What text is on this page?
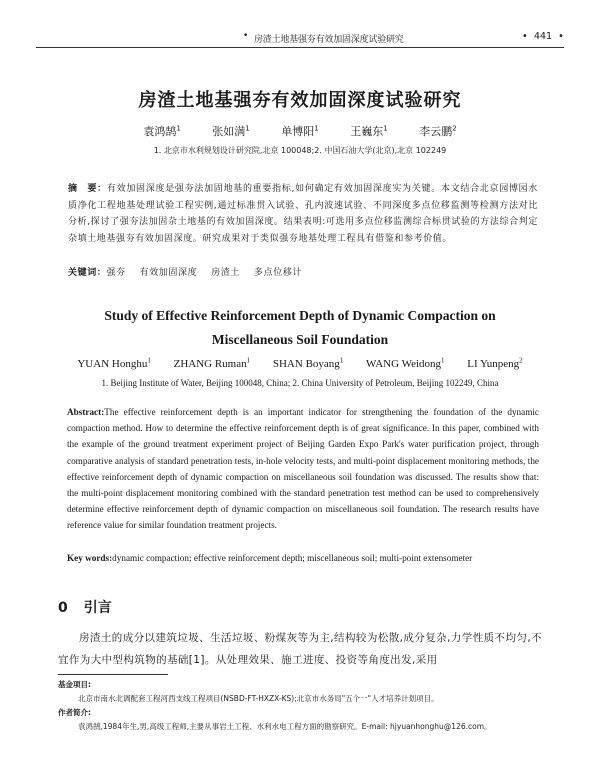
• 房渣土地基强夯有效加固深度试验研究	• 441 •
房渣土地基强夯有效加固深度试验研究
袁鸿鹄$^1$	张如满$^1$	单博阳$^1$	王巍东$^1$	李云鹏$^2$
1. 北京市水利规划设计研究院,北京 100048;2. 中国石油大学(北京),北京 102249

摘　要：有效加固深度是强夯法加固地基的重要指标,如何确定有效加固深度实为关键。本文结合北京园博园水质净化工程地基处理试验工程实例,通过标准贯入试验、孔内波速试验、不同深度多点位移监测等检测方法对比分析,探讨了强夯法加固杂土地基的有效加固深度。结果表明:可选用多点位移监测综合标贯试验的方法综合判定杂填土地基强夯有效加固深度。研究成果对于类似强夯地基处理工程具有借鉴和参考价值。

关键词：强夯 有效加固深度 房渣土 多点位移计
Study of Effective Reinforcement Depth of Dynamic Compaction on
Miscellaneous Soil Foundation
YUAN Honghu$^1$ ZHANG Ruman$^1$ SHAN Boyang$^1$ WANG Weidong$^1$ LI Yunpeng$^2$
1. Beijing Institute of Water, Beijing 100048, China; 2. China University of Petroleum, Beijing 102249, China

Abstract:The effective reinforcement depth is an important indicator for strengthening the foundation of the dynamic compaction method. How to determine the effective reinforcement depth is of great significance. In this paper, combined with the example of the ground treatment experiment project of Beijing Garden Expo Park's water purification project, through comparative analysis of standard penetration tests, in-hole velocity tests, and multi-point displacement monitoring methods, the effective reinforcement depth of dynamic compaction on miscellaneous soil foundation was discussed. The results show that: the multi-point displacement monitoring combined with the standard penetration test method can be used to comprehensively determine effective reinforcement depth of dynamic compaction on miscellaneous soil foundation. The research results have reference value for similar foundation treatment projects.

Key words:dynamic compaction; effective reinforcement depth; miscellaneous soil; multi-point extensometer
0 引言

房渣土的成分以建筑垃圾、生活垃圾、粉煤灰等为主,结构较为松散,成分复杂,力学性质不均匀,不宜作为大中型构筑物的基础[1]。从处理效果、施工进度、投资等角度出发,采用

基金项目:
北京市南水北调配套工程河西支线工程项目(NSBD-FT-HXZX-KS);北京市水务局"五个一"人才培养计划项目。
作者简介:
袁鸿鹄,1984年生,男,高级工程师,主要从事岩土工程、水利水电工程方面的勘察研究。E-mail: hjyuanhonghu@126.com。
